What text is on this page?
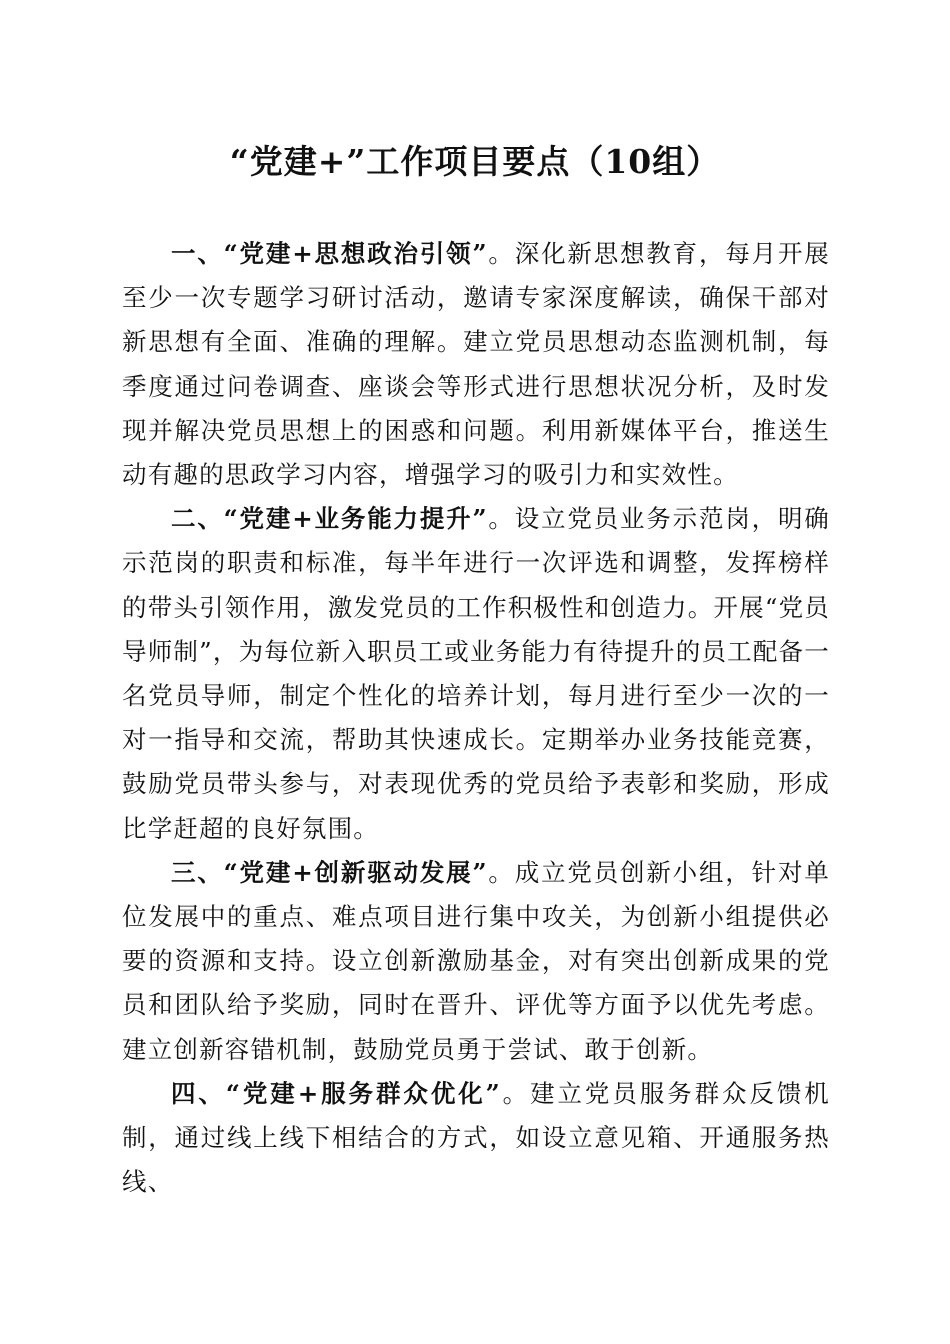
“党建+”工作项目要点（10组）

一、“党建+思想政治引领”。深化新思想教育，每月开展至少一次专题学习研讨活动，邀请专家深度解读，确保干部对新思想有全面、准确的理解。建立党员思想动态监测机制，每季度通过问卷调查、座谈会等形式进行思想状况分析，及时发现并解决党员思想上的困惑和问题。利用新媒体平台，推送生动有趣的思政学习内容，增强学习的吸引力和实效性。

二、“党建+业务能力提升”。设立党员业务示范岗，明确示范岗的职责和标准，每半年进行一次评选和调整，发挥榜样的带头引领作用，激发党员的工作积极性和创造力。开展“党员导师制”，为每位新入职员工或业务能力有待提升的员工配备一名党员导师，制定个性化的培养计划，每月进行至少一次的一对一指导和交流，帮助其快速成长。定期举办业务技能竞赛，鼓励党员带头参与，对表现优秀的党员给予表彰和奖励，形成比学赶超的良好氛围。

三、“党建+创新驱动发展”。成立党员创新小组，针对单位发展中的重点、难点项目进行集中攻关，为创新小组提供必要的资源和支持。设立创新激励基金，对有突出创新成果的党员和团队给予奖励，同时在晋升、评优等方面予以优先考虑。建立创新容错机制，鼓励党员勇于尝试、敢于创新。

四、“党建+服务群众优化”。建立党员服务群众反馈机制，通过线上线下相结合的方式，如设立意见箱、开通服务热线、
